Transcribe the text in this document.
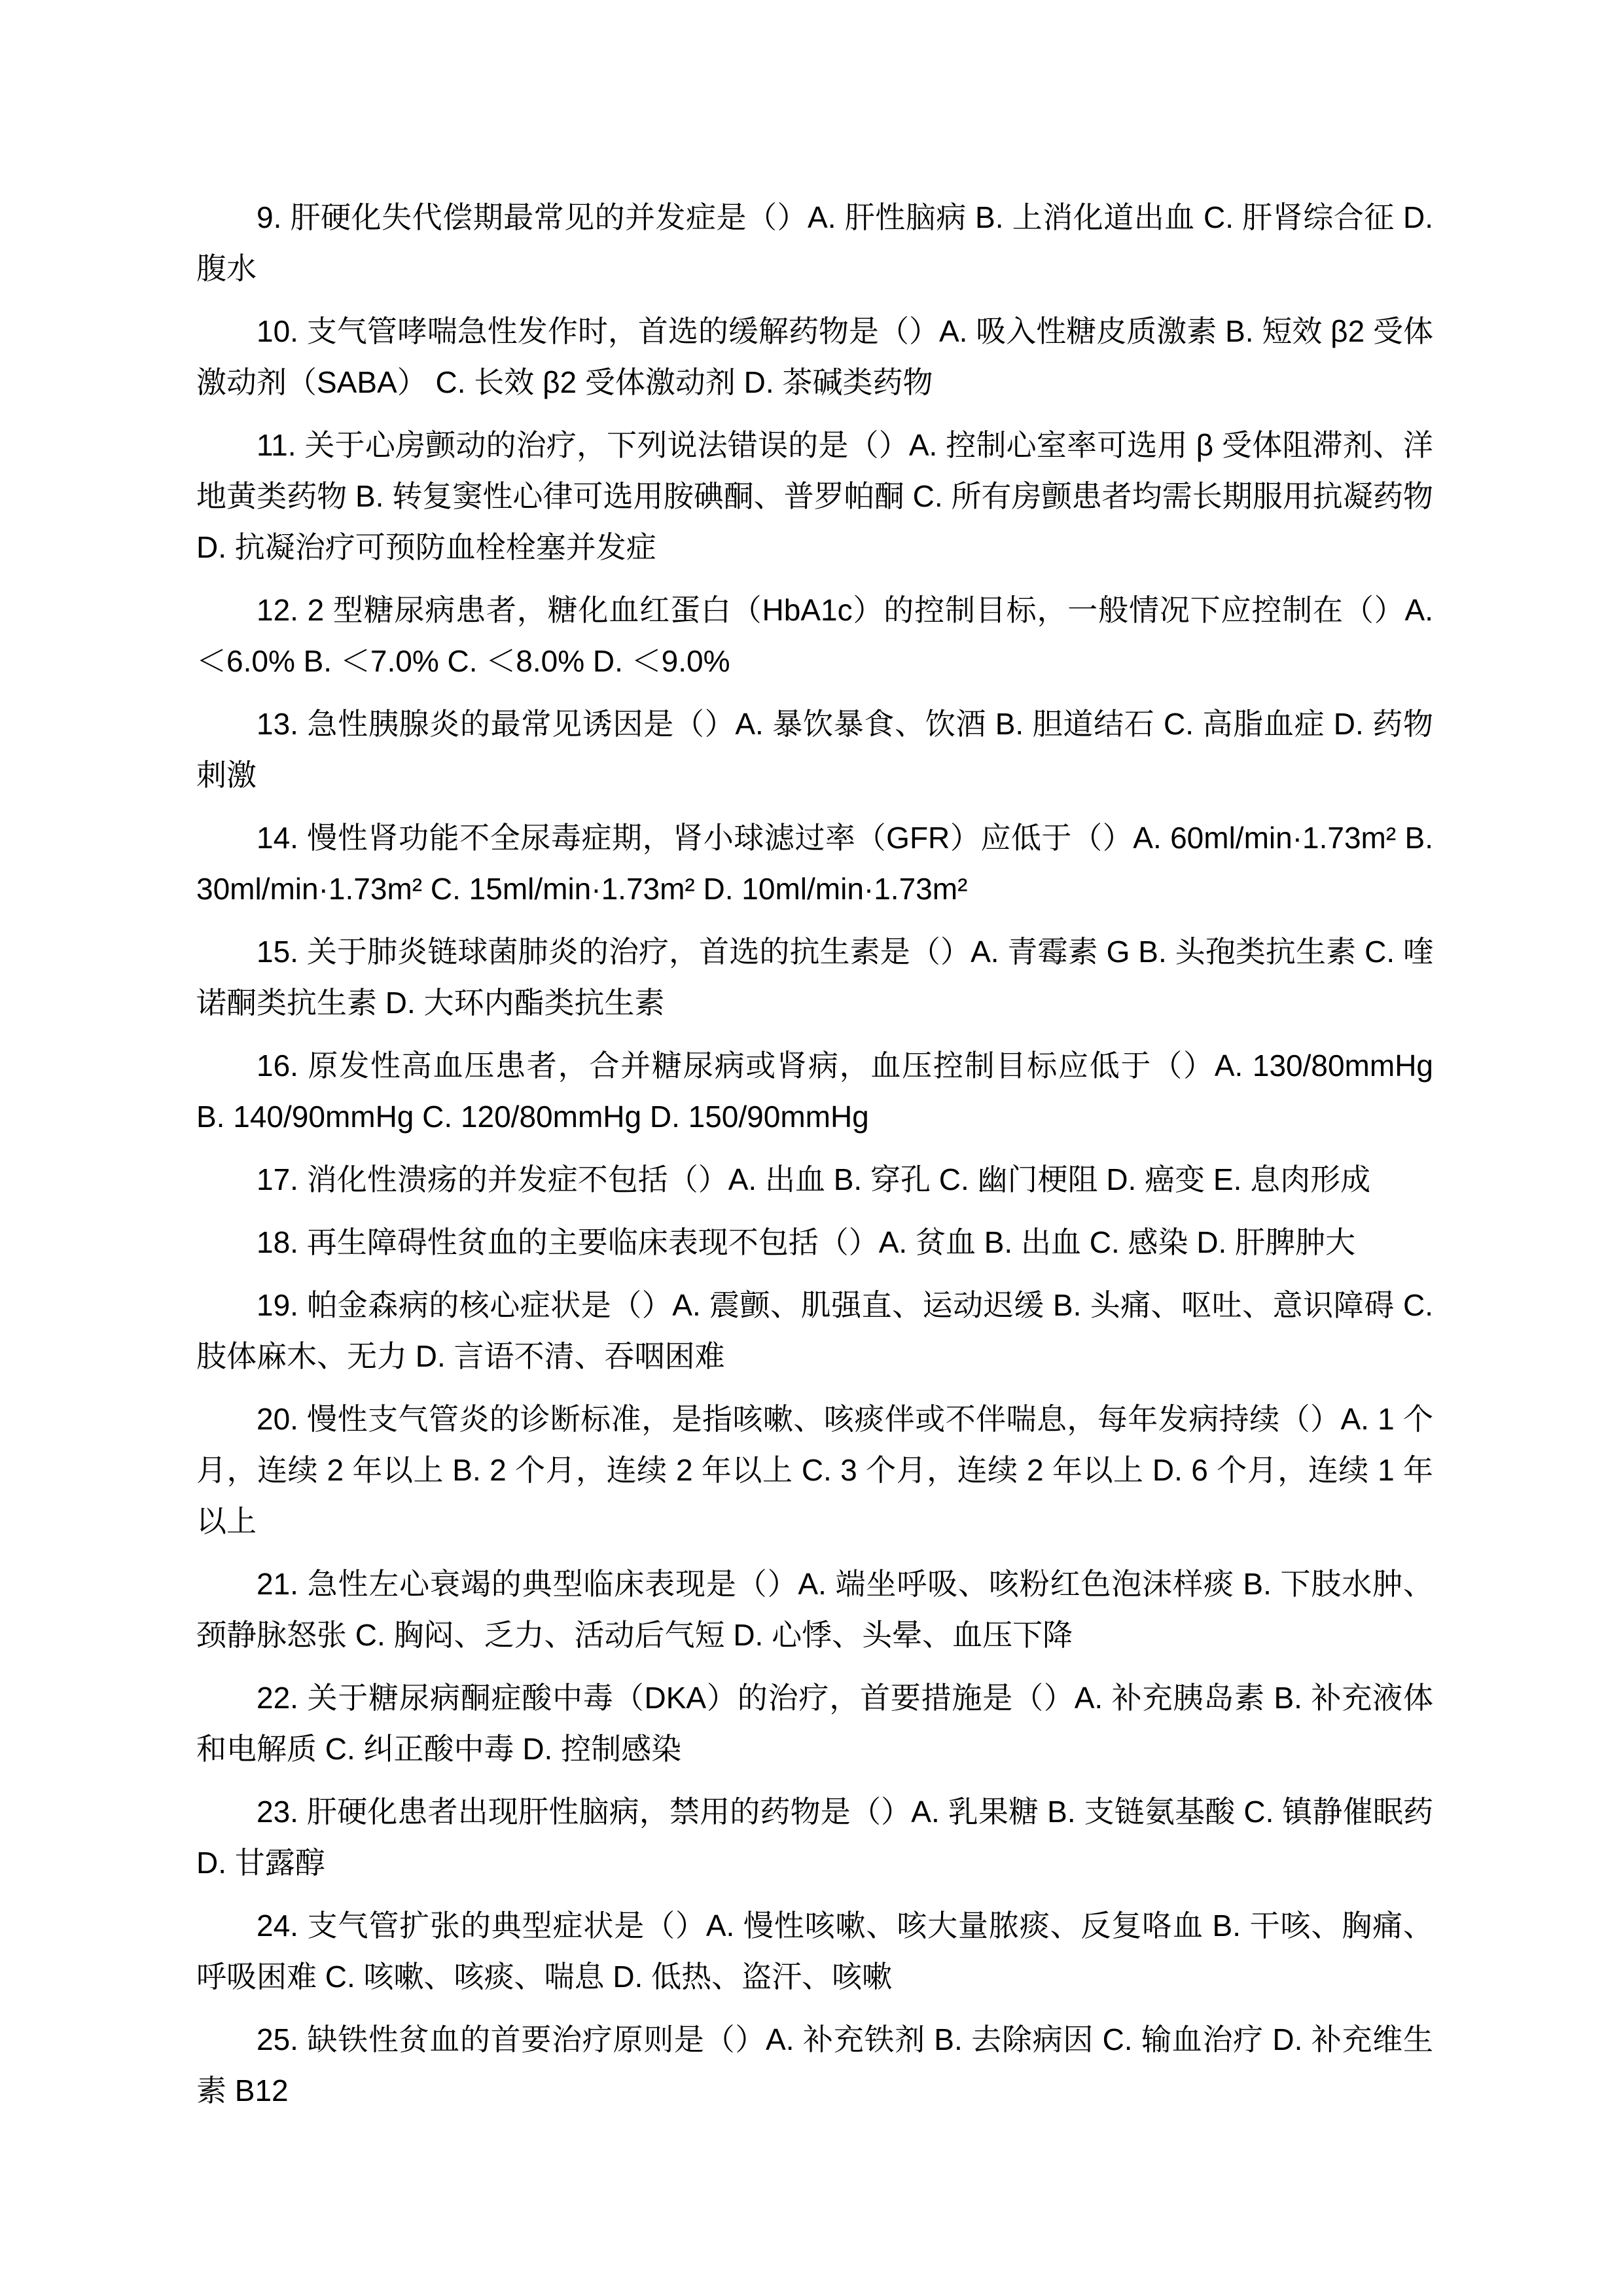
9. 肝硬化失代偿期最常见的并发症是（）A. 肝性脑病 B. 上消化道出血 C. 肝肾综合征 D. 腹水

10. 支气管哮喘急性发作时，首选的缓解药物是（）A. 吸入性糖皮质激素 B. 短效 β2 受体激动剂（SABA） C. 长效 β2 受体激动剂 D. 茶碱类药物

11. 关于心房颤动的治疗，下列说法错误的是（）A. 控制心室率可选用 β 受体阻滞剂、洋地黄类药物 B. 转复窦性心律可选用胺碘酮、普罗帕酮 C. 所有房颤患者均需长期服用抗凝药物 D. 抗凝治疗可预防血栓栓塞并发症

12. 2 型糖尿病患者，糖化血红蛋白（HbA1c）的控制目标，一般情况下应控制在（）A. ＜6.0% B. ＜7.0% C. ＜8.0% D. ＜9.0%

13. 急性胰腺炎的最常见诱因是（）A. 暴饮暴食、饮酒 B. 胆道结石 C. 高脂血症 D. 药物刺激

14. 慢性肾功能不全尿毒症期，肾小球滤过率（GFR）应低于（）A. 60ml/min·1.73m² B. 30ml/min·1.73m² C. 15ml/min·1.73m² D. 10ml/min·1.73m²

15. 关于肺炎链球菌肺炎的治疗，首选的抗生素是（）A. 青霉素 G B. 头孢类抗生素 C. 喹诺酮类抗生素 D. 大环内酯类抗生素

16. 原发性高血压患者，合并糖尿病或肾病，血压控制目标应低于（）A. 130/80mmHg B. 140/90mmHg C. 120/80mmHg D. 150/90mmHg

17. 消化性溃疡的并发症不包括（）A. 出血 B. 穿孔 C. 幽门梗阻 D. 癌变 E. 息肉形成

18. 再生障碍性贫血的主要临床表现不包括（）A. 贫血 B. 出血 C. 感染 D. 肝脾肿大

19. 帕金森病的核心症状是（）A. 震颤、肌强直、运动迟缓 B. 头痛、呕吐、意识障碍 C. 肢体麻木、无力 D. 言语不清、吞咽困难

20. 慢性支气管炎的诊断标准，是指咳嗽、咳痰伴或不伴喘息，每年发病持续（）A. 1 个月，连续 2 年以上 B. 2 个月，连续 2 年以上 C. 3 个月，连续 2 年以上 D. 6 个月，连续 1 年以上

21. 急性左心衰竭的典型临床表现是（）A. 端坐呼吸、咳粉红色泡沫样痰 B. 下肢水肿、颈静脉怒张 C. 胸闷、乏力、活动后气短 D. 心悸、头晕、血压下降

22. 关于糖尿病酮症酸中毒（DKA）的治疗，首要措施是（）A. 补充胰岛素 B. 补充液体和电解质 C. 纠正酸中毒 D. 控制感染

23. 肝硬化患者出现肝性脑病，禁用的药物是（）A. 乳果糖 B. 支链氨基酸 C. 镇静催眠药 D. 甘露醇

24. 支气管扩张的典型症状是（）A. 慢性咳嗽、咳大量脓痰、反复咯血 B. 干咳、胸痛、呼吸困难 C. 咳嗽、咳痰、喘息 D. 低热、盗汗、咳嗽

25. 缺铁性贫血的首要治疗原则是（）A. 补充铁剂 B. 去除病因 C. 输血治疗 D. 补充维生素 B12
